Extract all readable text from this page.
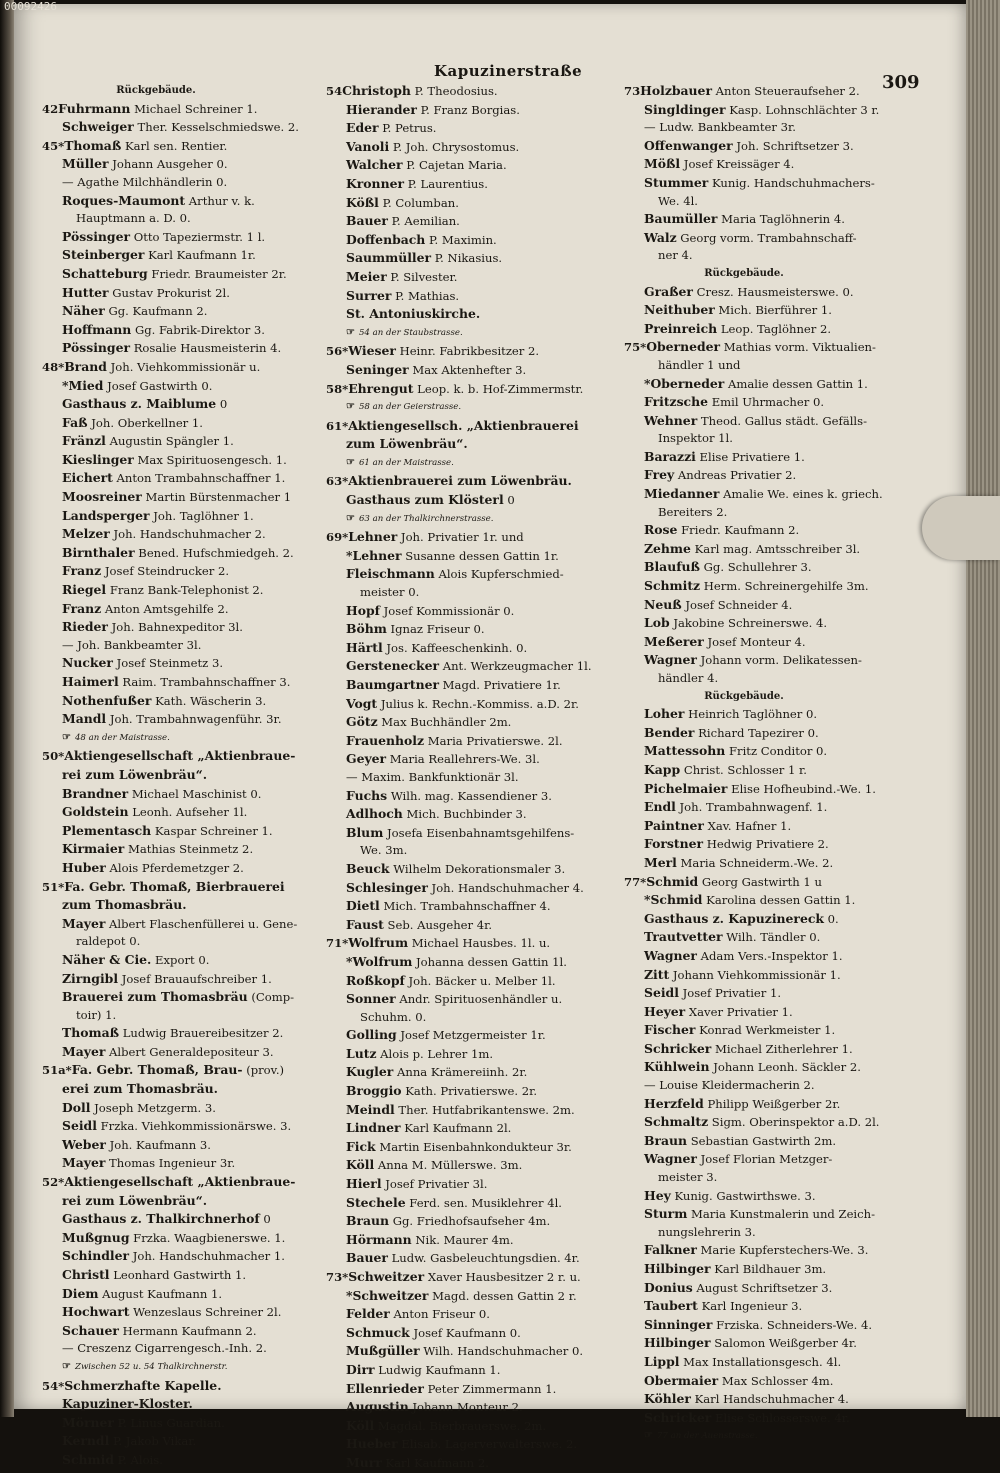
Kapuzinerstraße
309
Rückgebäude.
42Fuhrmann Michael Schreiner 1.
Schweiger Ther. Kesselschmiedswe. 2.
45*Thomaß Karl sen. Rentier.
Müller Johann Ausgeher 0.
— Agathe Milchhändlerin 0.
Roques-Maumont Arthur v. k.
Hauptmann a. D. 0.
Pössinger Otto Tapeziermstr. 1 l.
Steinberger Karl Kaufmann 1r.
Schatteburg Friedr. Braumeister 2r.
Hutter Gustav Prokurist 2l.
Näher Gg. Kaufmann 2.
Hoffmann Gg. Fabrik-Direktor 3.
Pössinger Rosalie Hausmeisterin 4.
48*Brand Joh. Viehkommissionär u.
*Mied Josef Gastwirth 0.
Gasthaus z. Maiblume 0
Faß Joh. Oberkellner 1.
Fränzl Augustin Spängler 1.
Kieslinger Max Spirituosengesch. 1.
Eichert Anton Trambahnschaffner 1.
Moosreiner Martin Bürstenmacher 1
Landsperger Joh. Taglöhner 1.
Melzer Joh. Handschuhmacher 2.
Birnthaler Bened. Hufschmiedgeh. 2.
Franz Josef Steindrucker 2.
Riegel Franz Bank-Telephonist 2.
Franz Anton Amtsgehilfe 2.
Rieder Joh. Bahnexpeditor 3l.
— Joh. Bankbeamter 3l.
Nucker Josef Steinmetz 3.
Haimerl Raim. Trambahnschaffner 3.
Nothenfußer Kath. Wäscherin 3.
Mandl Joh. Trambahnwagenführ. 3r.
☞ 48 an der Maistrasse.
50*Aktiengesellschaft „Aktienbraue-
rei zum Löwenbräu“.
Brandner Michael Maschinist 0.
Goldstein Leonh. Aufseher 1l.
Plementasch Kaspar Schreiner 1.
Kirmaier Mathias Steinmetz 2.
Huber Alois Pferdemetzger 2.
51*Fa. Gebr. Thomaß, Bierbrauerei
zum Thomasbräu.
Mayer Albert Flaschenfüllerei u. Gene-
raldepot 0.
Näher & Cie. Export 0.
Zirngibl Josef Brauaufschreiber 1.
Brauerei zum Thomasbräu (Comp-
toir) 1.
Thomaß Ludwig Brauereibesitzer 2.
Mayer Albert Generaldepositeur 3.
51a*Fa. Gebr. Thomaß, Brau- (prov.)
erei zum Thomasbräu.
Doll Joseph Metzgerm. 3.
Seidl Frzka. Viehkommissionärswe. 3.
Weber Joh. Kaufmann 3.
Mayer Thomas Ingenieur 3r.
52*Aktiengesellschaft „Aktienbraue-
rei zum Löwenbräu“.
Gasthaus z. Thalkirchnerhof 0
Mußgnug Frzka. Waagbienerswe. 1.
Schindler Joh. Handschuhmacher 1.
Christl Leonhard Gastwirth 1.
Diem August Kaufmann 1.
Hochwart Wenzeslaus Schreiner 2l.
Schauer Hermann Kaufmann 2.
— Creszenz Cigarrengesch.-Inh. 2.
☞ Zwischen 52 u. 54 Thalkirchnerstr.
54*Schmerzhafte Kapelle.
Kapuziner-Kloster.
Mörner P. Linus Guardian.
Kerndl P. Jakob Vikar.
Schmid P. Alois.
54Christoph P. Theodosius.
Hierander P. Franz Borgias.
Eder P. Petrus.
Vanoli P. Joh. Chrysostomus.
Walcher P. Cajetan Maria.
Kronner P. Laurentius.
Kößl P. Columban.
Bauer P. Aemilian.
Doffenbach P. Maximin.
Saummüller P. Nikasius.
Meier P. Silvester.
Surrer P. Mathias.
St. Antoniuskirche.
☞ 54 an der Staubstrasse.
56*Wieser Heinr. Fabrikbesitzer 2.
Seninger Max Aktenhefter 3.
58*Ehrengut Leop. k. b. Hof-Zimmermstr.
☞ 58 an der Geierstrasse.
61*Aktiengesellsch. „Aktienbrauerei
zum Löwenbräu“.
☞ 61 an der Maistrasse.
63*Aktienbrauerei zum Löwenbräu.
Gasthaus zum Klösterl 0
☞ 63 an der Thalkirchnerstrasse.
69*Lehner Joh. Privatier 1r. und
*Lehner Susanne dessen Gattin 1r.
Fleischmann Alois Kupferschmied-
meister 0.
Hopf Josef Kommissionär 0.
Böhm Ignaz Friseur 0.
Härtl Jos. Kaffeeschenkinh. 0.
Gerstenecker Ant. Werkzeugmacher 1l.
Baumgartner Magd. Privatiere 1r.
Vogt Julius k. Rechn.-Kommiss. a.D. 2r.
Götz Max Buchhändler 2m.
Frauenholz Maria Privatierswe. 2l.
Geyer Maria Reallehrers-We. 3l.
— Maxim. Bankfunktionär 3l.
Fuchs Wilh. mag. Kassendiener 3.
Adlhoch Mich. Buchbinder 3.
Blum Josefa Eisenbahnamtsgehilfens-
We. 3m.
Beuck Wilhelm Dekorationsmaler 3.
Schlesinger Joh. Handschuhmacher 4.
Dietl Mich. Trambahnschaffner 4.
Faust Seb. Ausgeher 4r.
71*Wolfrum Michael Hausbes. 1l. u.
*Wolfrum Johanna dessen Gattin 1l.
Roßkopf Joh. Bäcker u. Melber 1l.
Sonner Andr. Spirituosenhändler u.
Schuhm. 0.
Golling Josef Metzgermeister 1r.
Lutz Alois p. Lehrer 1m.
Kugler Anna Krämereiinh. 2r.
Broggio Kath. Privatierswe. 2r.
Meindl Ther. Hutfabrikantenswe. 2m.
Lindner Karl Kaufmann 2l.
Fick Martin Eisenbahnkondukteur 3r.
Köll Anna M. Müllerswe. 3m.
Hierl Josef Privatier 3l.
Stechele Ferd. sen. Musiklehrer 4l.
Braun Gg. Friedhofsaufseher 4m.
Hörmann Nik. Maurer 4m.
Bauer Ludw. Gasbeleuchtungsdien. 4r.
73*Schweitzer Xaver Hausbesitzer 2 r. u.
*Schweitzer Magd. dessen Gattin 2 r.
Felder Anton Friseur 0.
Schmuck Josef Kaufmann 0.
Mußgüller Wilh. Handschuhmacher 0.
Dirr Ludwig Kaufmann 1.
Ellenrieder Peter Zimmermann 1.
Augustin Johann Monteur 2.
Köll Magdal. Bierbrauerswe. 2m.
Hueber Elisab. Lagerverwalterswe. 2.
Murr Karl Kaufmann 2.
73Holzbauer Anton Steueraufseher 2.
Singldinger Kasp. Lohnschlächter 3 r.
— Ludw. Bankbeamter 3r.
Offenwanger Joh. Schriftsetzer 3.
Mößl Josef Kreissäger 4.
Stummer Kunig. Handschuhmachers-
We. 4l.
Baumüller Maria Taglöhnerin 4.
Walz Georg vorm. Trambahnschaff-
ner 4.
Rückgebäude.
Graßer Cresz. Hausmeisterswe. 0.
Neithuber Mich. Bierführer 1.
Preinreich Leop. Taglöhner 2.
75*Oberneder Mathias vorm. Viktualien-
händler 1 und
*Oberneder Amalie dessen Gattin 1.
Fritzsche Emil Uhrmacher 0.
Wehner Theod. Gallus städt. Gefälls-
Inspektor 1l.
Barazzi Elise Privatiere 1.
Frey Andreas Privatier 2.
Miedanner Amalie We. eines k. griech.
Bereiters 2.
Rose Friedr. Kaufmann 2.
Zehme Karl mag. Amtsschreiber 3l.
Blaufuß Gg. Schullehrer 3.
Schmitz Herm. Schreinergehilfe 3m.
Neuß Josef Schneider 4.
Lob Jakobine Schreinerswe. 4.
Meßerer Josef Monteur 4.
Wagner Johann vorm. Delikatessen-
händler 4.
Rückgebäude.
Loher Heinrich Taglöhner 0.
Bender Richard Tapezirer 0.
Mattessohn Fritz Conditor 0.
Kapp Christ. Schlosser 1 r.
Pichelmaier Elise Hofheubind.-We. 1.
Endl Joh. Trambahnwagenf. 1.
Paintner Xav. Hafner 1.
Forstner Hedwig Privatiere 2.
Merl Maria Schneiderm.-We. 2.
77*Schmid Georg Gastwirth 1 u
*Schmid Karolina dessen Gattin 1.
Gasthaus z. Kapuzinereck 0.
Trautvetter Wilh. Tändler 0.
Wagner Adam Vers.-Inspektor 1.
Zitt Johann Viehkommissionär 1.
Seidl Josef Privatier 1.
Heyer Xaver Privatier 1.
Fischer Konrad Werkmeister 1.
Schricker Michael Zitherlehrer 1.
Kühlwein Johann Leonh. Säckler 2.
— Louise Kleidermacherin 2.
Herzfeld Philipp Weißgerber 2r.
Schmaltz Sigm. Oberinspektor a.D. 2l.
Braun Sebastian Gastwirth 2m.
Wagner Josef Florian Metzger-
meister 3.
Hey Kunig. Gastwirthswe. 3.
Sturm Maria Kunstmalerin und Zeich-
nungslehrerin 3.
Falkner Marie Kupferstechers-We. 3.
Hilbinger Karl Bildhauer 3m.
Donius August Schriftsetzer 3.
Taubert Karl Ingenieur 3.
Sinninger Frziska. Schneiders-We. 4.
Hilbinger Salomon Weißgerber 4r.
Lippl Max Installationsgesch. 4l.
Obermaier Max Schlosser 4m.
Köhler Karl Handschuhmacher 4.
Schricker Elise Schlosserswe. 4r.
☞ 77 an der Auenstrasse.
00092426
